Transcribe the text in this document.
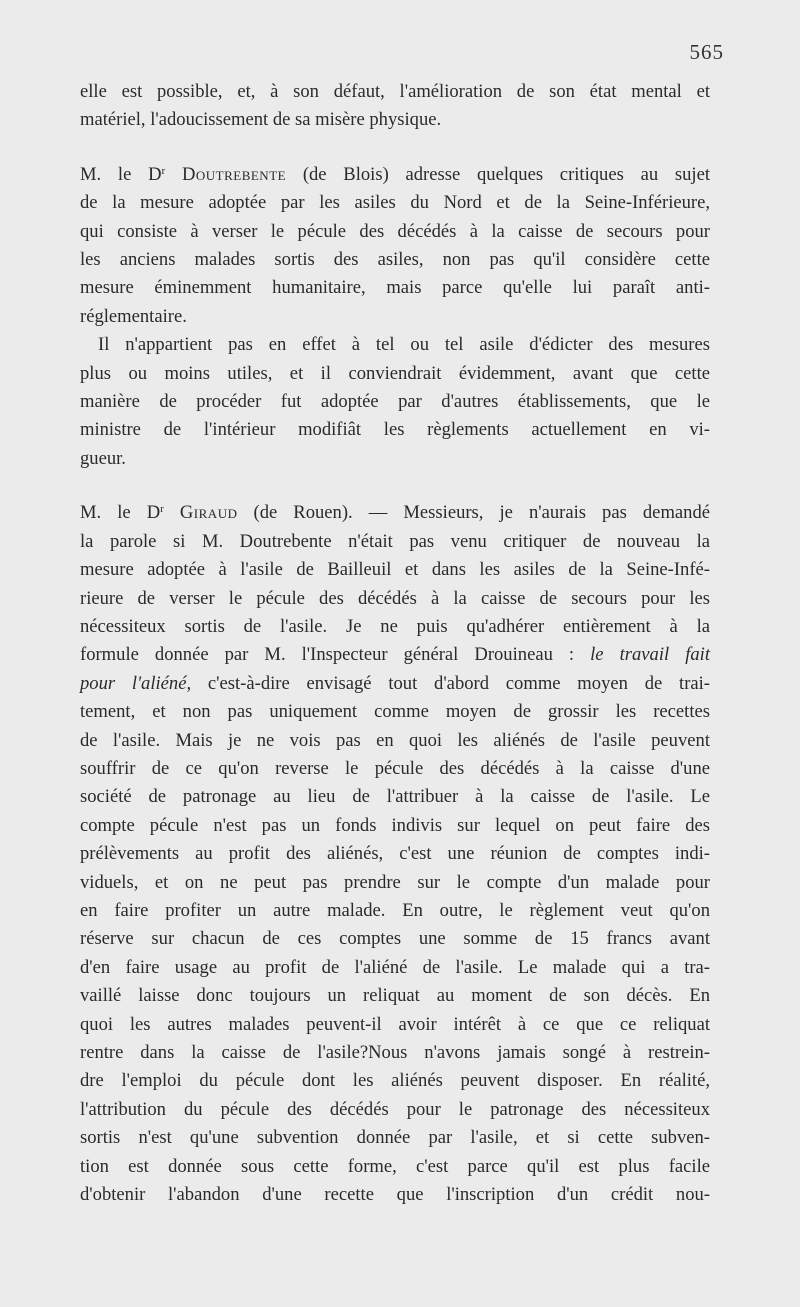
565
elle est possible, et, à son défaut, l'amélioration de son état mental et
matériel, l'adoucissement de sa misère physique.
M. le $D^r$ Doutrebente (de Blois) adresse quelques critiques au sujet
de la mesure adoptée par les asiles du Nord et de la Seine-Inférieure,
qui consiste à verser le pécule des décédés à la caisse de secours pour
les anciens malades sortis des asiles, non pas qu'il considère cette
mesure éminemment humanitaire, mais parce qu'elle lui paraît anti-
réglementaire.
Il n'appartient pas en effet à tel ou tel asile d'édicter des mesures
plus ou moins utiles, et il conviendrait évidemment, avant que cette
manière de procéder fut adoptée par d'autres établissements, que le
ministre de l'intérieur modifiât les règlements actuellement en vi-
gueur.
M. le $D^r$ Giraud (de Rouen). — Messieurs, je n'aurais pas demandé
la parole si M. Doutrebente n'était pas venu critiquer de nouveau la
mesure adoptée à l'asile de Bailleuil et dans les asiles de la Seine-Infé-
rieure de verser le pécule des décédés à la caisse de secours pour les
nécessiteux sortis de l'asile. Je ne puis qu'adhérer entièrement à la
formule donnée par M. l'Inspecteur général Drouineau : le travail fait
pour l'aliéné, c'est-à-dire envisagé tout d'abord comme moyen de trai-
tement, et non pas uniquement comme moyen de grossir les recettes
de l'asile. Mais je ne vois pas en quoi les aliénés de l'asile peuvent
souffrir de ce qu'on reverse le pécule des décédés à la caisse d'une
société de patronage au lieu de l'attribuer à la caisse de l'asile. Le
compte pécule n'est pas un fonds indivis sur lequel on peut faire des
prélèvements au profit des aliénés, c'est une réunion de comptes indi-
viduels, et on ne peut pas prendre sur le compte d'un malade pour
en faire profiter un autre malade. En outre, le règlement veut qu'on
réserve sur chacun de ces comptes une somme de 15 francs avant
d'en faire usage au profit de l'aliéné de l'asile. Le malade qui a tra-
vaillé laisse donc toujours un reliquat au moment de son décès. En
quoi les autres malades peuvent-il avoir intérêt à ce que ce reliquat
rentre dans la caisse de l'asile?Nous n'avons jamais songé à restrein-
dre l'emploi du pécule dont les aliénés peuvent disposer. En réalité,
l'attribution du pécule des décédés pour le patronage des nécessiteux
sortis n'est qu'une subvention donnée par l'asile, et si cette subven-
tion est donnée sous cette forme, c'est parce qu'il est plus facile
d'obtenir l'abandon d'une recette que l'inscription d'un crédit nou-
